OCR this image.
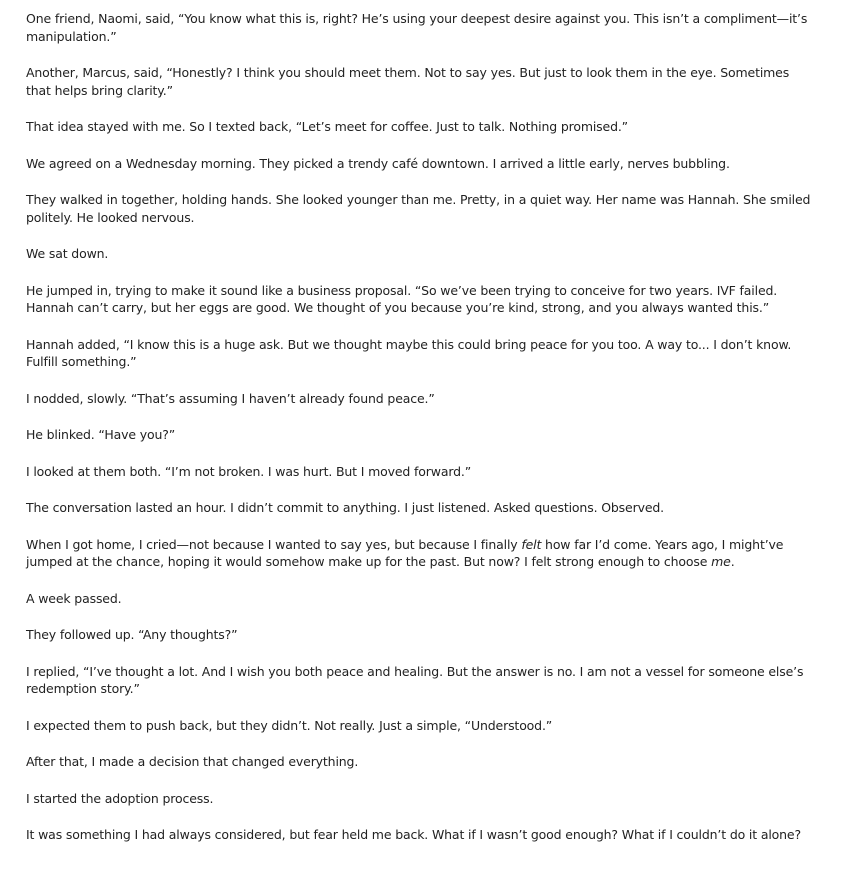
One friend, Naomi, said, “You know what this is, right? He’s using your deepest desire against you. This isn’t a compliment—it’s manipulation.”

Another, Marcus, said, “Honestly? I think you should meet them. Not to say yes. But just to look them in the eye. Sometimes that helps bring clarity.”

That idea stayed with me. So I texted back, “Let’s meet for coffee. Just to talk. Nothing promised.”

We agreed on a Wednesday morning. They picked a trendy café downtown. I arrived a little early, nerves bubbling.

They walked in together, holding hands. She looked younger than me. Pretty, in a quiet way. Her name was Hannah. She smiled politely. He looked nervous.

We sat down.

He jumped in, trying to make it sound like a business proposal. “So we’ve been trying to conceive for two years. IVF failed. Hannah can’t carry, but her eggs are good. We thought of you because you’re kind, strong, and you always wanted this.”

Hannah added, “I know this is a huge ask. But we thought maybe this could bring peace for you too. A way to... I don’t know. Fulfill something.”

I nodded, slowly. “That’s assuming I haven’t already found peace.”

He blinked. “Have you?”

I looked at them both. “I’m not broken. I was hurt. But I moved forward.”

The conversation lasted an hour. I didn’t commit to anything. I just listened. Asked questions. Observed.

When I got home, I cried—not because I wanted to say yes, but because I finally felt how far I’d come. Years ago, I might’ve jumped at the chance, hoping it would somehow make up for the past. But now? I felt strong enough to choose me.

A week passed.

They followed up. “Any thoughts?”

I replied, “I’ve thought a lot. And I wish you both peace and healing. But the answer is no. I am not a vessel for someone else’s redemption story.”

I expected them to push back, but they didn’t. Not really. Just a simple, “Understood.”

After that, I made a decision that changed everything.

I started the adoption process.

It was something I had always considered, but fear held me back. What if I wasn’t good enough? What if I couldn’t do it alone?
